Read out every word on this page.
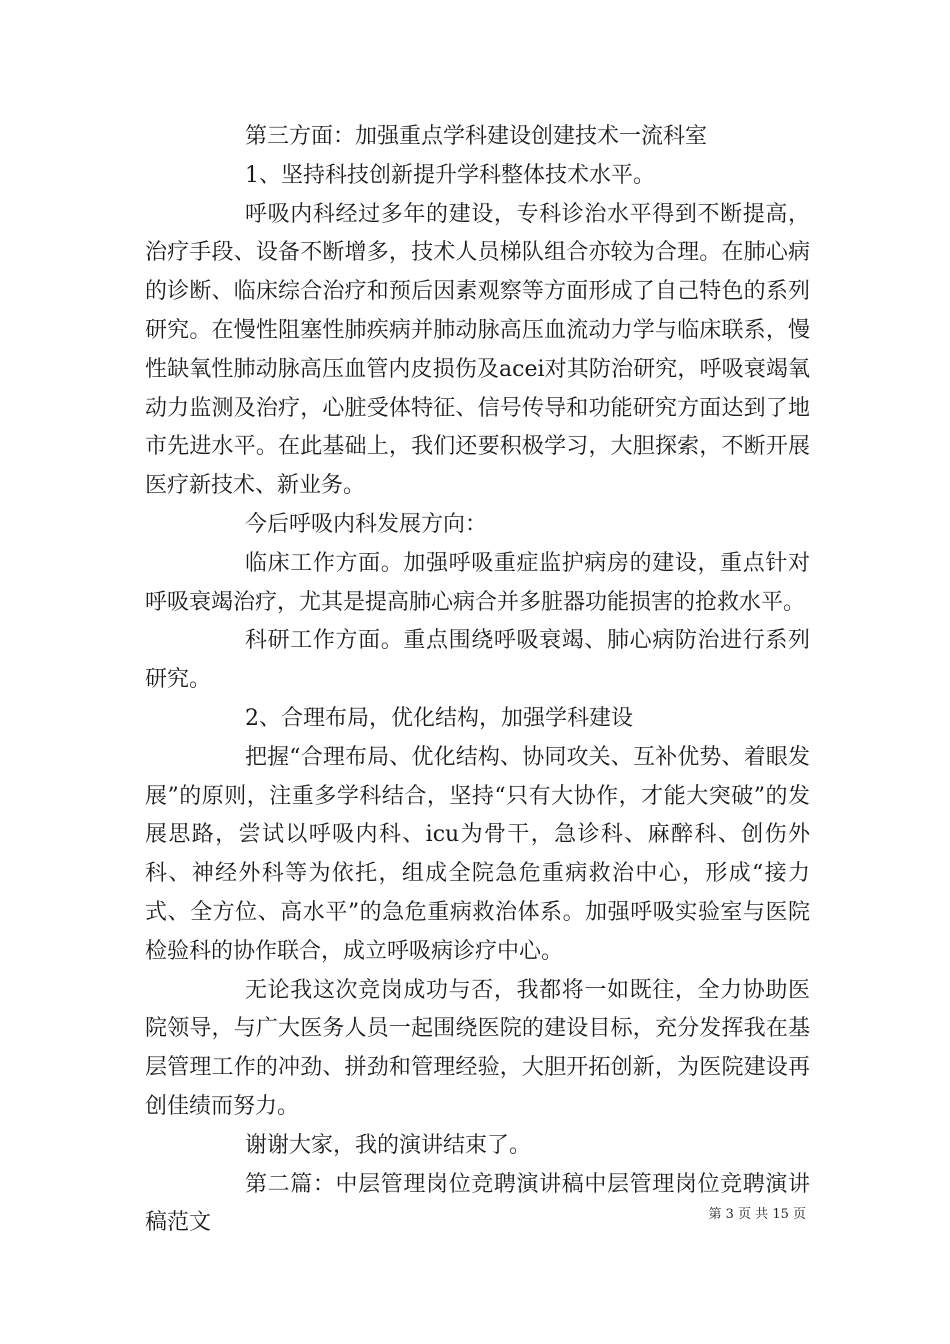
第三方面：加强重点学科建设创建技术一流科室

1、坚持科技创新提升学科整体技术水平。

呼吸内科经过多年的建设，专科诊治水平得到不断提高，治疗手段、设备不断增多，技术人员梯队组合亦较为合理。在肺心病的诊断、临床综合治疗和预后因素观察等方面形成了自己特色的系列研究。在慢性阻塞性肺疾病并肺动脉高压血流动力学与临床联系，慢性缺氧性肺动脉高压血管内皮损伤及acei对其防治研究，呼吸衰竭氧动力监测及治疗，心脏受体特征、信号传导和功能研究方面达到了地市先进水平。在此基础上，我们还要积极学习，大胆探索，不断开展医疗新技术、新业务。

今后呼吸内科发展方向：

临床工作方面。加强呼吸重症监护病房的建设，重点针对呼吸衰竭治疗，尤其是提高肺心病合并多脏器功能损害的抢救水平。

科研工作方面。重点围绕呼吸衰竭、肺心病防治进行系列研究。

2、合理布局，优化结构，加强学科建设

把握“合理布局、优化结构、协同攻关、互补优势、着眼发展”的原则，注重多学科结合，坚持“只有大协作，才能大突破”的发展思路，尝试以呼吸内科、icu为骨干，急诊科、麻醉科、创伤外科、神经外科等为依托，组成全院急危重病救治中心，形成“接力式、全方位、高水平”的急危重病救治体系。加强呼吸实验室与医院检验科的协作联合，成立呼吸病诊疗中心。

无论我这次竞岗成功与否，我都将一如既往，全力协助医院领导，与广大医务人员一起围绕医院的建设目标，充分发挥我在基层管理工作的冲劲、拼劲和管理经验，大胆开拓创新，为医院建设再创佳绩而努力。

谢谢大家，我的演讲结束了。

第二篇：中层管理岗位竞聘演讲稿中层管理岗位竞聘演讲稿范文	第 3 页 共 15 页
